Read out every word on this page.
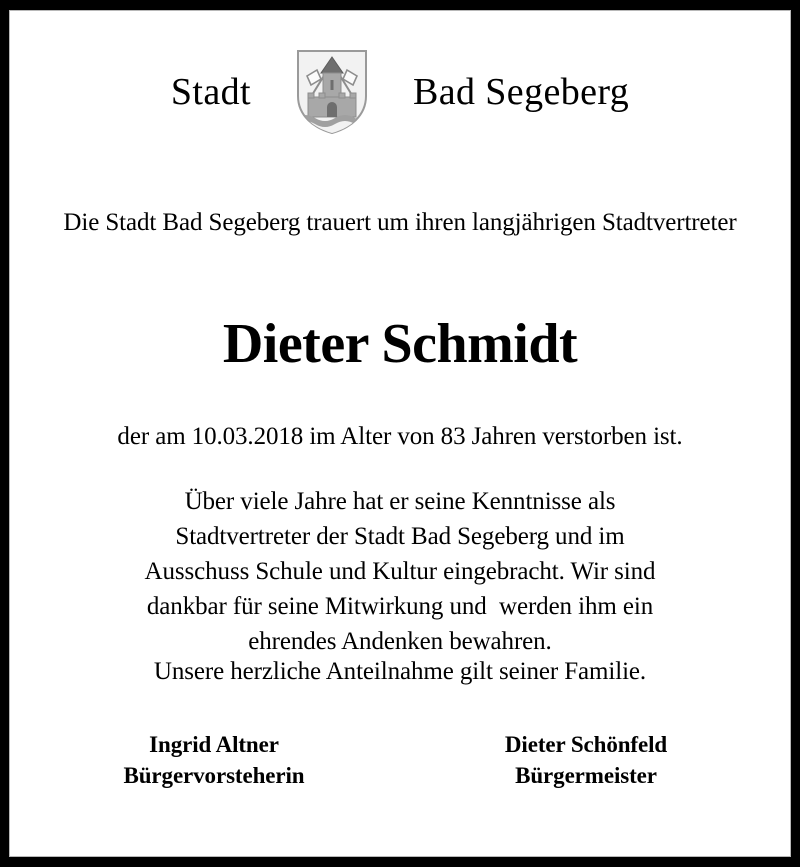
Stadt	Bad Segeberg
Die Stadt Bad Segeberg trauert um ihren langjährigen Stadtvertreter
Dieter Schmidt
der am 10.03.2018 im Alter von 83 Jahren verstorben ist.
Über viele Jahre hat er seine Kenntnisse als
Stadtvertreter der Stadt Bad Segeberg und im
Ausschuss Schule und Kultur eingebracht. Wir sind
dankbar für seine Mitwirkung und  werden ihm ein
ehrendes Andenken bewahren.
Unsere herzliche Anteilnahme gilt seiner Familie.
Ingrid Altner
Bürgervorsteherin
Dieter Schönfeld
Bürgermeister
